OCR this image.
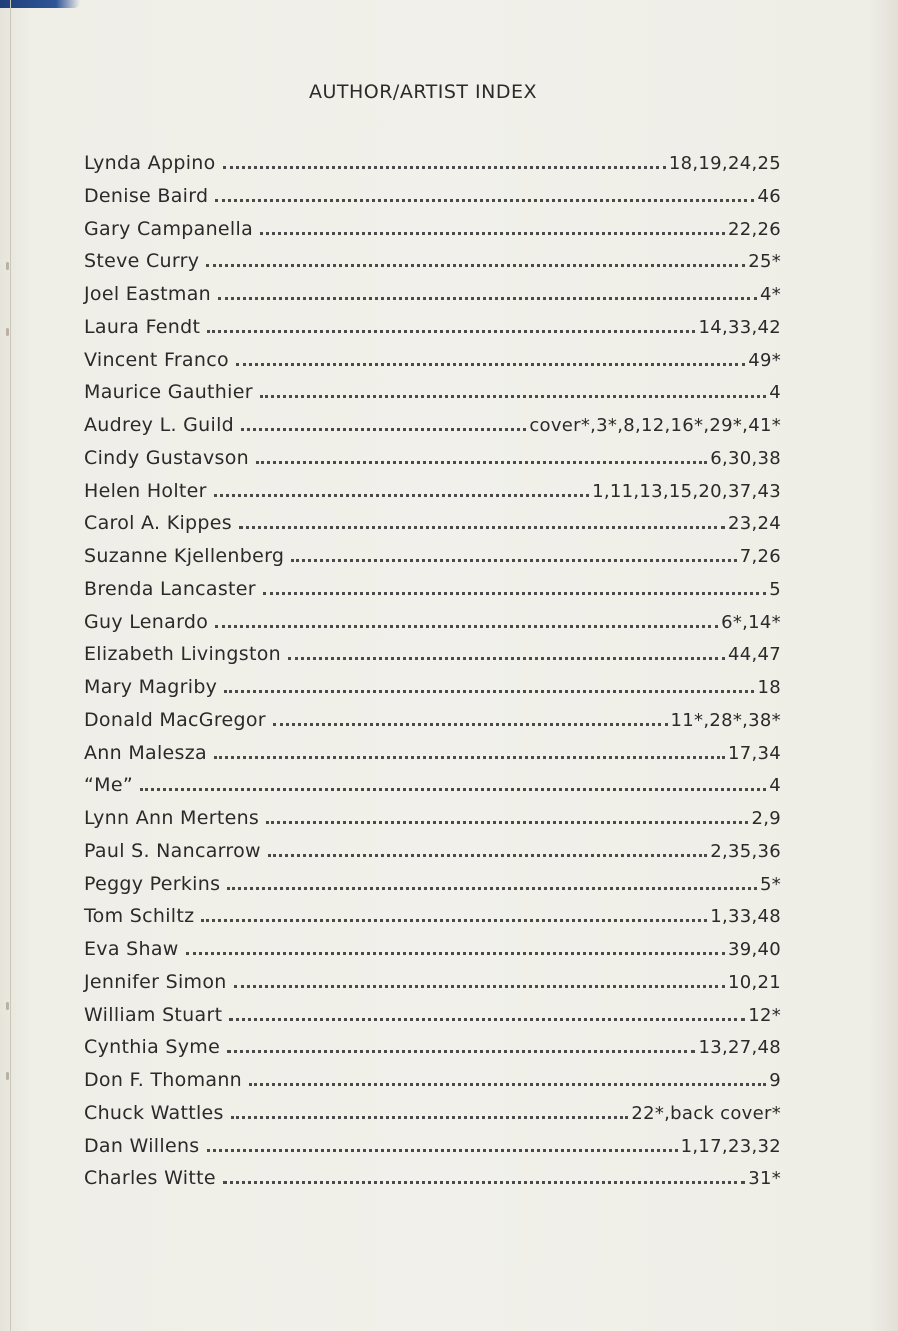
AUTHOR/ARTIST INDEX
Lynda Appino	18,19,24,25
Denise Baird	46
Gary Campanella	22,26
Steve Curry	25*
Joel Eastman	4*
Laura Fendt	14,33,42
Vincent Franco	49*
Maurice Gauthier	4
Audrey L. Guild	cover*,3*,8,12,16*,29*,41*
Cindy Gustavson	6,30,38
Helen Holter	1,11,13,15,20,37,43
Carol A. Kippes	23,24
Suzanne Kjellenberg	7,26
Brenda Lancaster	5
Guy Lenardo	6*,14*
Elizabeth Livingston	44,47
Mary Magriby	18
Donald MacGregor	11*,28*,38*
Ann Malesza	17,34
“Me”	4
Lynn Ann Mertens	2,9
Paul S. Nancarrow	2,35,36
Peggy Perkins	5*
Tom Schiltz	1,33,48
Eva Shaw	39,40
Jennifer Simon	10,21
William Stuart	12*
Cynthia Syme	13,27,48
Don F. Thomann	9
Chuck Wattles	22*,back cover*
Dan Willens	1,17,23,32
Charles Witte	31*
